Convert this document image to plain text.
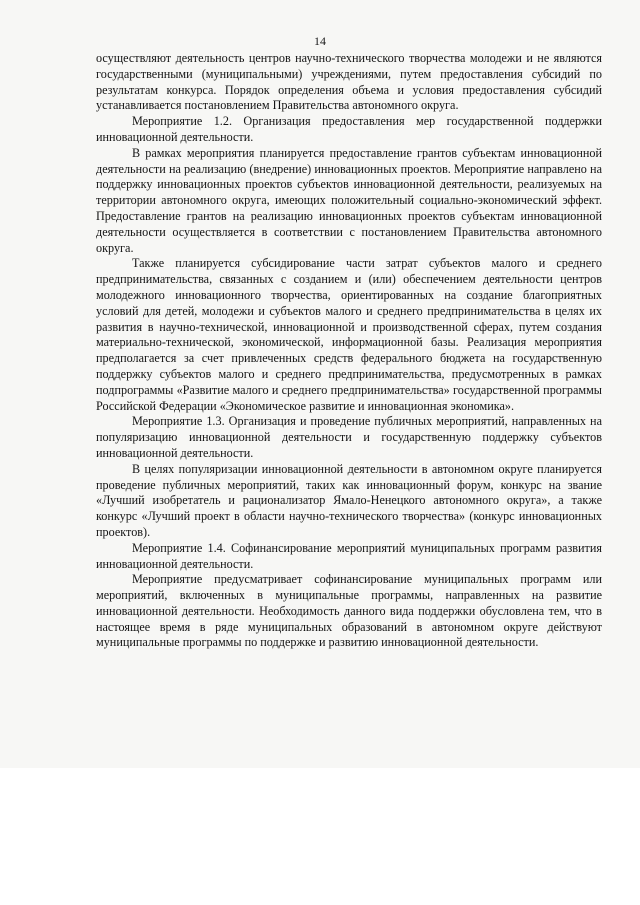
14

осуществляют деятельность центров научно-технического творчества молодежи и не являются государственными (муниципальными) учреждениями, путем предоставления субсидий по результатам конкурса. Порядок определения объема и условия предоставления субсидий устанавливается постановлением Правительства автономного округа.

Мероприятие 1.2. Организация предоставления мер государственной поддержки инновационной деятельности.

В рамках мероприятия планируется предоставление грантов субъектам инновационной деятельности на реализацию (внедрение) инновационных проектов. Мероприятие направлено на поддержку инновационных проектов субъектов инновационной деятельности, реализуемых на территории автономного округа, имеющих положительный социально-экономический эффект. Предоставление грантов на реализацию инновационных проектов субъектам инновационной деятельности осуществляется в соответствии с постановлением Правительства автономного округа.

Также планируется субсидирование части затрат субъектов малого и среднего предпринимательства, связанных с созданием и (или) обеспечением деятельности центров молодежного инновационного творчества, ориентированных на создание благоприятных условий для детей, молодежи и субъектов малого и среднего предпринимательства в целях их развития в научно-технической, инновационной и производственной сферах, путем создания материально-технической, экономической, информационной базы. Реализация мероприятия предполагается за счет привлеченных средств федерального бюджета на государственную поддержку субъектов малого и среднего предпринимательства, предусмотренных в рамках подпрограммы «Развитие малого и среднего предпринимательства» государственной программы Российской Федерации «Экономическое развитие и инновационная экономика».

Мероприятие 1.3. Организация и проведение публичных мероприятий, направленных на популяризацию инновационной деятельности и государственную поддержку субъектов инновационной деятельности.

В целях популяризации инновационной деятельности в автономном округе планируется проведение публичных мероприятий, таких как инновационный форум, конкурс на звание «Лучший изобретатель и рационализатор Ямало-Ненецкого автономного округа», а также конкурс «Лучший проект в области научно-технического творчества» (конкурс инновационных проектов).

Мероприятие 1.4. Софинансирование мероприятий муниципальных программ развития инновационной деятельности.

Мероприятие предусматривает софинансирование муниципальных программ или мероприятий, включенных в муниципальные программы, направленных на развитие инновационной деятельности. Необходимость данного вида поддержки обусловлена тем, что в настоящее время в ряде муниципальных образований в автономном округе действуют муниципальные программы по поддержке и развитию инновационной деятельности.
